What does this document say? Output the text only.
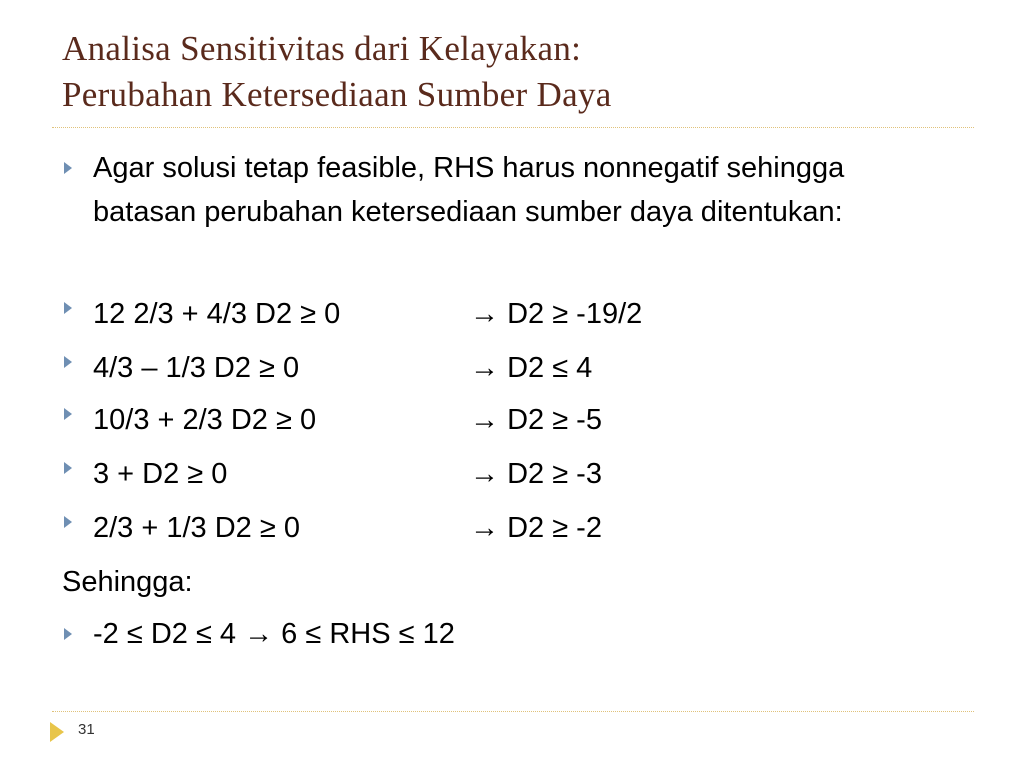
Analisa Sensitivitas dari Kelayakan:
Perubahan Ketersediaan Sumber Daya
Agar solusi tetap feasible, RHS harus nonnegatif sehingga
batasan perubahan ketersediaan sumber daya ditentukan:
12 2/3 + 4/3 D2 ≥ 0	→ D2 ≥ -19/2
4/3 – 1/3 D2 ≥ 0	→ D2 ≤ 4
10/3 + 2/3 D2 ≥ 0	→ D2 ≥ -5
3 + D2 ≥ 0	→ D2 ≥ -3
2/3 + 1/3 D2 ≥ 0	→ D2 ≥ -2
Sehingga:
-2 ≤ D2 ≤ 4 → 6 ≤ RHS ≤ 12
31
